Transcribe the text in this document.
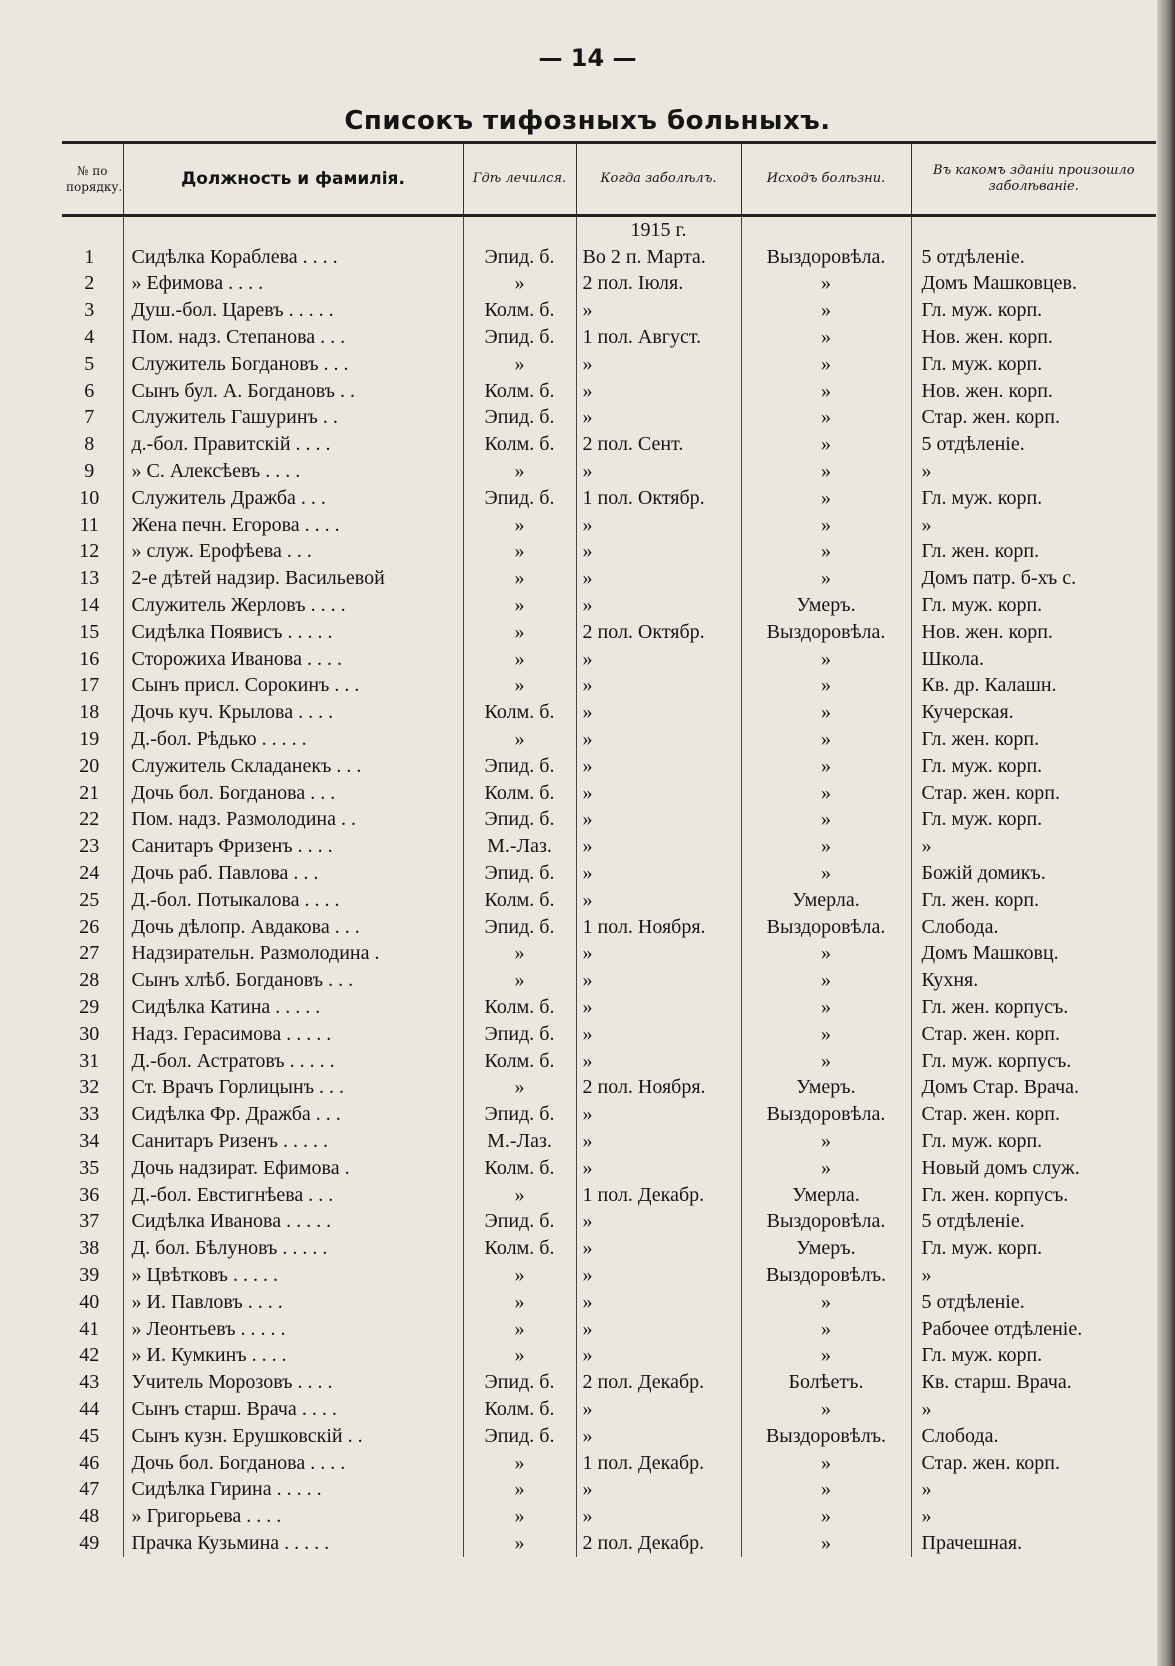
— 14 —
Списокъ тифозныхъ больныхъ.
№ по порядку.	Должность и фамилія.	Гдѣ лечился.	Когда заболѣлъ.	Исходъ болѣзни.	Въ какомъ зданіи произошло заболѣваніе.

			1915 г.		
1	Сидѣлка Кораблева . . . .	Эпид. б.	Во 2 п. Марта.	Выздоровѣла.	5 отдѣленіе.
2	» Ефимова . . . .	»	2 пол. Іюля.	»	Домъ Машковцев.
3	Душ.-бол. Царевъ . . . . .	Колм. б.	»	»	Гл. муж. корп.
4	Пом. надз. Степанова . . .	Эпид. б.	1 пол. Август.	»	Нов. жен. корп.
5	Служитель Богдановъ . . .	»	»	»	Гл. муж. корп.
6	Сынъ бул. А. Богдановъ . .	Колм. б.	»	»	Нов. жен. корп.
7	Служитель Гашуринъ . .	Эпид. б.	»	»	Стар. жен. корп.
8	д.-бол. Правитскій . . . .	Колм. б.	2 пол. Сент.	»	5 отдѣленіе.
9	» С. Алексѣевъ . . . .	»	»	»	»
10	Служитель Дражба . . .	Эпид. б.	1 пол. Октябр.	»	Гл. муж. корп.
11	Жена печн. Егорова . . . .	»	»	»	»
12	» служ. Ерофѣева . . .	»	»	»	Гл. жен. корп.
13	2-е дѣтей надзир. Васильевой	»	»	»	Домъ патр. б-хъ с.
14	Служитель Жерловъ . . . .	»	»	Умеръ.	Гл. муж. корп.
15	Сидѣлка Появисъ . . . . .	»	2 пол. Октябр.	Выздоровѣла.	Нов. жен. корп.
16	Сторожиха Иванова . . . .	»	»	»	Школа.
17	Сынъ присл. Сорокинъ . . .	»	»	»	Кв. др. Калашн.
18	Дочь куч. Крылова . . . .	Колм. б.	»	»	Кучерская.
19	Д.-бол. Рѣдько . . . . .	»	»	»	Гл. жен. корп.
20	Служитель Складанекъ . . .	Эпид. б.	»	»	Гл. муж. корп.
21	Дочь бол. Богданова . . .	Колм. б.	»	»	Стар. жен. корп.
22	Пом. надз. Размолодина . .	Эпид. б.	»	»	Гл. муж. корп.
23	Санитаръ Фризенъ . . . .	М.-Лаз.	»	»	»
24	Дочь раб. Павлова . . .	Эпид. б.	»	»	Божій домикъ.
25	Д.-бол. Потыкалова . . . .	Колм. б.	»	Умерла.	Гл. жен. корп.
26	Дочь дѣлопр. Авдакова . . .	Эпид. б.	1 пол. Ноября.	Выздоровѣла.	Слобода.
27	Надзирательн. Размолодина .	»	»	»	Домъ Машковц.
28	Сынъ хлѣб. Богдановъ . . .	»	»	»	Кухня.
29	Сидѣлка Катина . . . . .	Колм. б.	»	»	Гл. жен. корпусъ.
30	Надз. Герасимова . . . . .	Эпид. б.	»	»	Стар. жен. корп.
31	Д.-бол. Астратовъ . . . . .	Колм. б.	»	»	Гл. муж. корпусъ.
32	Ст. Врачъ Горлицынъ . . .	»	2 пол. Ноября.	Умеръ.	Домъ Стар. Врача.
33	Сидѣлка Фр. Дражба . . .	Эпид. б.	»	Выздоровѣла.	Стар. жен. корп.
34	Санитаръ Ризенъ . . . . .	М.-Лаз.	»	»	Гл. муж. корп.
35	Дочь надзират. Ефимова .	Колм. б.	»	»	Новый домъ служ.
36	Д.-бол. Евстигнѣева . . .	»	1 пол. Декабр.	Умерла.	Гл. жен. корпусъ.
37	Сидѣлка Иванова . . . . .	Эпид. б.	»	Выздоровѣла.	5 отдѣленіе.
38	Д. бол. Бѣлуновъ . . . . .	Колм. б.	»	Умеръ.	Гл. муж. корп.
39	» Цвѣтковъ . . . . .	»	»	Выздоровѣлъ.	»
40	» И. Павловъ . . . .	»	»	»	5 отдѣленіе.
41	» Леонтьевъ . . . . .	»	»	»	Рабочее отдѣленіе.
42	» И. Кумкинъ . . . .	»	»	»	Гл. муж. корп.
43	Учитель Морозовъ . . . .	Эпид. б.	2 пол. Декабр.	Болѣетъ.	Кв. старш. Врача.
44	Сынъ старш. Врача . . . .	Колм. б.	»	»	»
45	Сынъ кузн. Ерушковскій . .	Эпид. б.	»	Выздоровѣлъ.	Слобода.
46	Дочь бол. Богданова . . . .	»	1 пол. Декабр.	»	Стар. жен. корп.
47	Сидѣлка Гирина . . . . .	»	»	»	»
48	» Григорьева . . . .	»	»	»	»
49	Прачка Кузьмина . . . . .	»	2 пол. Декабр.	»	Прачешная.
